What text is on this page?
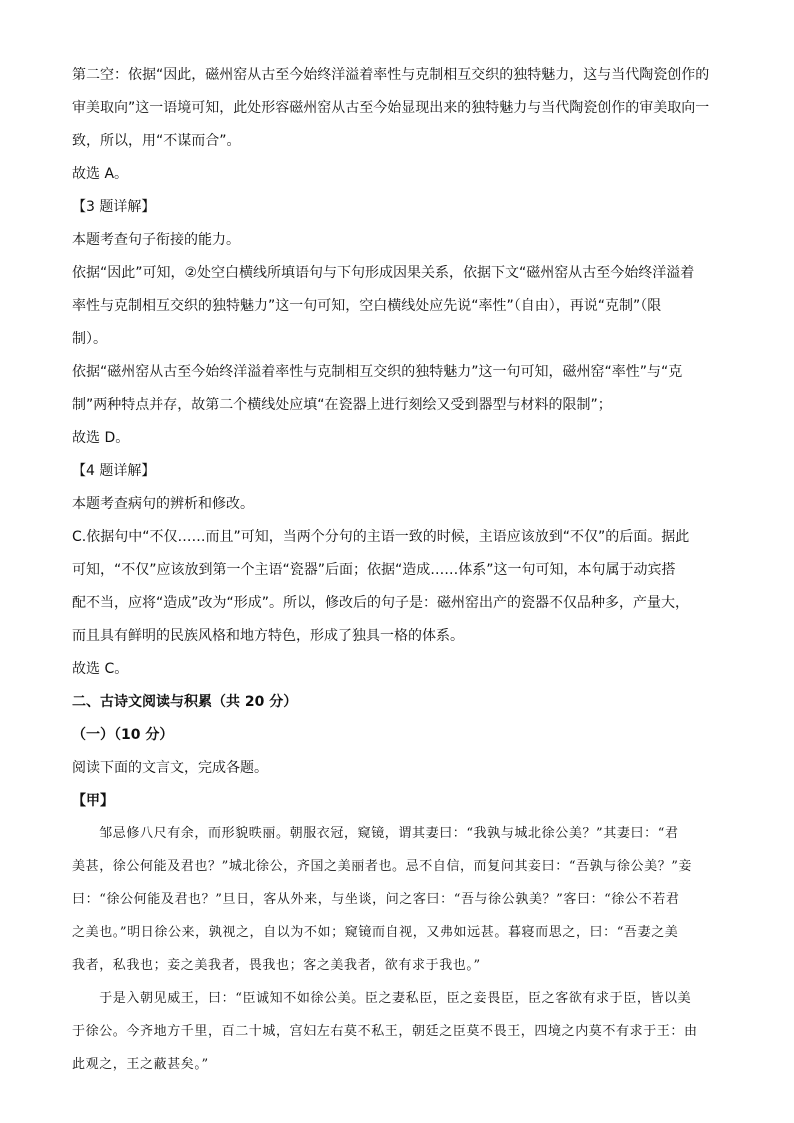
第二空：依据“因此，磁州窑从古至今始终洋溢着率性与克制相互交织的独特魅力，这与当代陶瓷创作的
审美取向”这一语境可知，此处形容磁州窑从古至今始显现出来的独特魅力与当代陶瓷创作的审美取向一
致，所以，用“不谋而合”。
故选 A。
【3 题详解】
本题考查句子衔接的能力。
依据“因此”可知，②处空白横线所填语句与下句形成因果关系，依据下文“磁州窑从古至今始终洋溢着
率性与克制相互交织的独特魅力”这一句可知，空白横线处应先说“率性”（自由），再说“克制”（限
制）。
依据“磁州窑从古至今始终洋溢着率性与克制相互交织的独特魅力”这一句可知，磁州窑“率性”与“克
制”两种特点并存，故第二个横线处应填“在瓷器上进行刻绘又受到器型与材料的限制”；
故选 D。
【4 题详解】
本题考查病句的辨析和修改。
C.依据句中“不仅……而且”可知，当两个分句的主语一致的时候，主语应该放到“不仅”的后面。据此
可知，“不仅”应该放到第一个主语“瓷器”后面；依据“造成……体系”这一句可知，本句属于动宾搭
配不当，应将“造成”改为“形成”。所以，修改后的句子是：磁州窑出产的瓷器不仅品种多，产量大，
而且具有鲜明的民族风格和地方特色，形成了独具一格的体系。
故选 C。
二、古诗文阅读与积累（共 20 分）
（一）（10 分）
阅读下面的文言文，完成各题。
【甲】
　　邹忌修八尺有余，而形貌昳丽。朝服衣冠，窥镜，谓其妻曰：“我孰与城北徐公美？”其妻曰：“君
美甚，徐公何能及君也？”城北徐公，齐国之美丽者也。忌不自信，而复问其妾曰：“吾孰与徐公美？”妾
曰：“徐公何能及君也？”旦日，客从外来，与坐谈，问之客曰：“吾与徐公孰美？”客曰：“徐公不若君
之美也。”明日徐公来，孰视之，自以为不如；窥镜而自视，又弗如远甚。暮寝而思之，曰：“吾妻之美
我者，私我也；妾之美我者，畏我也；客之美我者，欲有求于我也。”
　　于是入朝见威王，曰：“臣诚知不如徐公美。臣之妻私臣，臣之妾畏臣，臣之客欲有求于臣，皆以美
于徐公。今齐地方千里，百二十城，宫妇左右莫不私王，朝廷之臣莫不畏王，四境之内莫不有求于王：由
此观之，王之蔽甚矣。”
